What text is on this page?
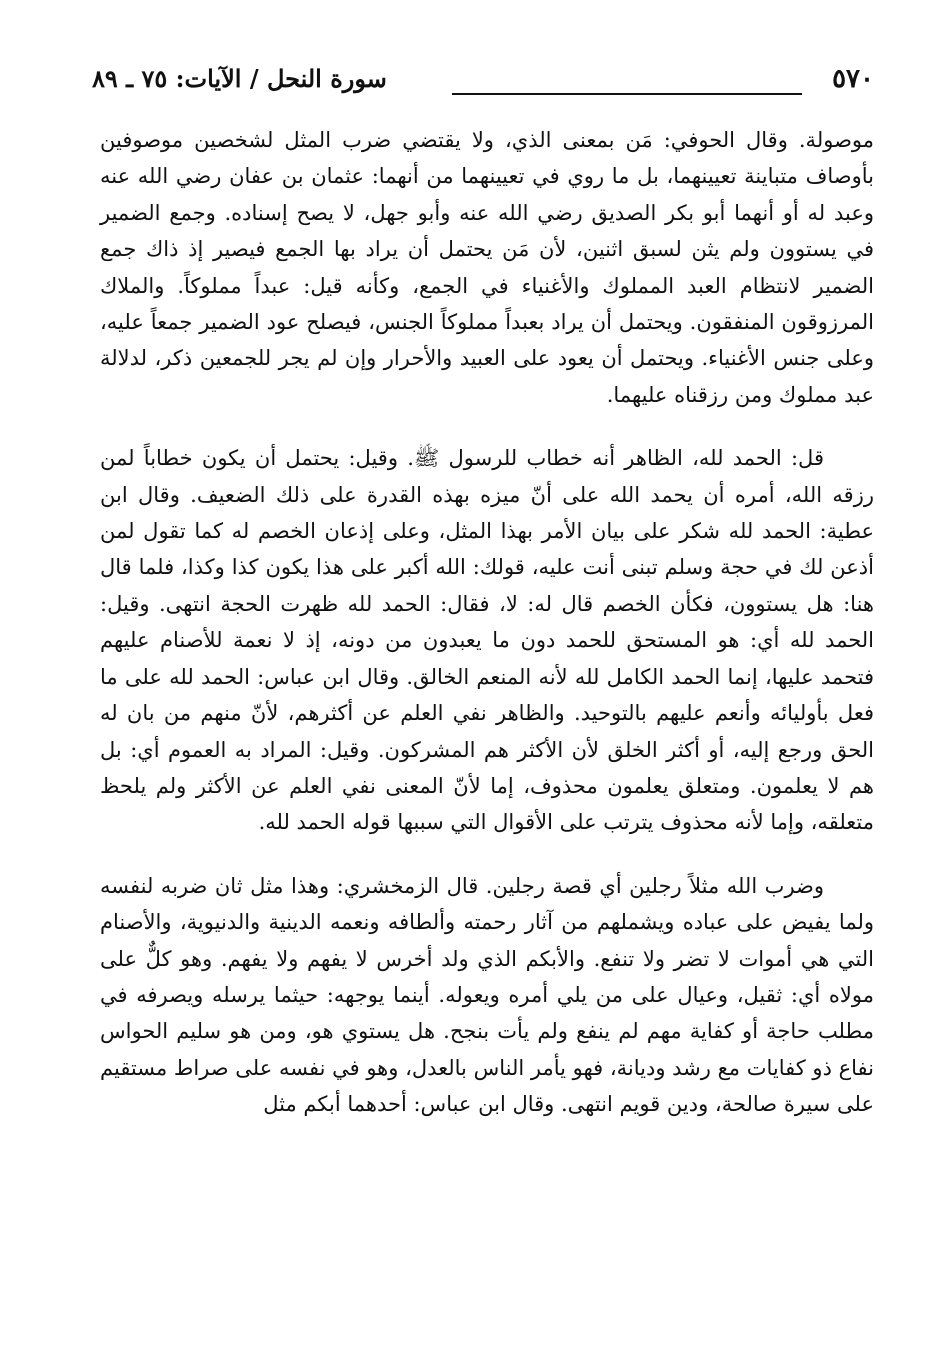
٥٧٠
سورة النحل / الآيات: ٧٥ ـ ٨٩

موصولة. وقال الحوفي: مَن بمعنى الذي، ولا يقتضي ضرب المثل لشخصين موصوفين بأوصاف متباينة تعيينهما، بل ما روي في تعيينهما من أنهما: عثمان بن عفان رضي الله عنه وعبد له أو أنهما أبو بكر الصديق رضي الله عنه وأبو جهل، لا يصح إسناده. وجمع الضمير في يستوون ولم يثن لسبق اثنين، لأن مَن يحتمل أن يراد بها الجمع فيصير إذ ذاك جمع الضمير لانتظام العبد المملوك والأغنياء في الجمع، وكأنه قيل: عبداً مملوكاً. والملاك المرزوقون المنفقون. ويحتمل أن يراد بعبداً مملوكاً الجنس، فيصلح عود الضمير جمعاً عليه، وعلى جنس الأغنياء. ويحتمل أن يعود على العبيد والأحرار وإن لم يجر للجمعين ذكر، لدلالة عبد مملوك ومن رزقناه عليهما.

قل: الحمد لله، الظاهر أنه خطاب للرسول ﷺ. وقيل: يحتمل أن يكون خطاباً لمن رزقه الله، أمره أن يحمد الله على أنّ ميزه بهذه القدرة على ذلك الضعيف. وقال ابن عطية: الحمد لله شكر على بيان الأمر بهذا المثل، وعلى إذعان الخصم له كما تقول لمن أذعن لك في حجة وسلم تبنى أنت عليه، قولك: الله أكبر على هذا يكون كذا وكذا، فلما قال هنا: هل يستوون، فكأن الخصم قال له: لا، فقال: الحمد لله ظهرت الحجة انتهى. وقيل: الحمد لله أي: هو المستحق للحمد دون ما يعبدون من دونه، إذ لا نعمة للأصنام عليهم فتحمد عليها، إنما الحمد الكامل لله لأنه المنعم الخالق. وقال ابن عباس: الحمد لله على ما فعل بأوليائه وأنعم عليهم بالتوحيد. والظاهر نفي العلم عن أكثرهم، لأنّ منهم من بان له الحق ورجع إليه، أو أكثر الخلق لأن الأكثر هم المشركون. وقيل: المراد به العموم أي: بل هم لا يعلمون. ومتعلق يعلمون محذوف، إما لأنّ المعنى نفي العلم عن الأكثر ولم يلحظ متعلقه، وإما لأنه محذوف يترتب على الأقوال التي سببها قوله الحمد لله.

وضرب الله مثلاً رجلين أي قصة رجلين. قال الزمخشري: وهذا مثل ثان ضربه لنفسه ولما يفيض على عباده ويشملهم من آثار رحمته وألطافه ونعمه الدينية والدنيوية، والأصنام التي هي أموات لا تضر ولا تنفع. والأبكم الذي ولد أخرس لا يفهم ولا يفهم. وهو كلٌّ على مولاه أي: ثقيل، وعيال على من يلي أمره ويعوله. أينما يوجهه: حيثما يرسله ويصرفه في مطلب حاجة أو كفاية مهم لم ينفع ولم يأت بنجح. هل يستوي هو، ومن هو سليم الحواس نفاع ذو كفايات مع رشد وديانة، فهو يأمر الناس بالعدل، وهو في نفسه على صراط مستقيم على سيرة صالحة، ودين قويم انتهى. وقال ابن عباس: أحدهما أبكم مثل
